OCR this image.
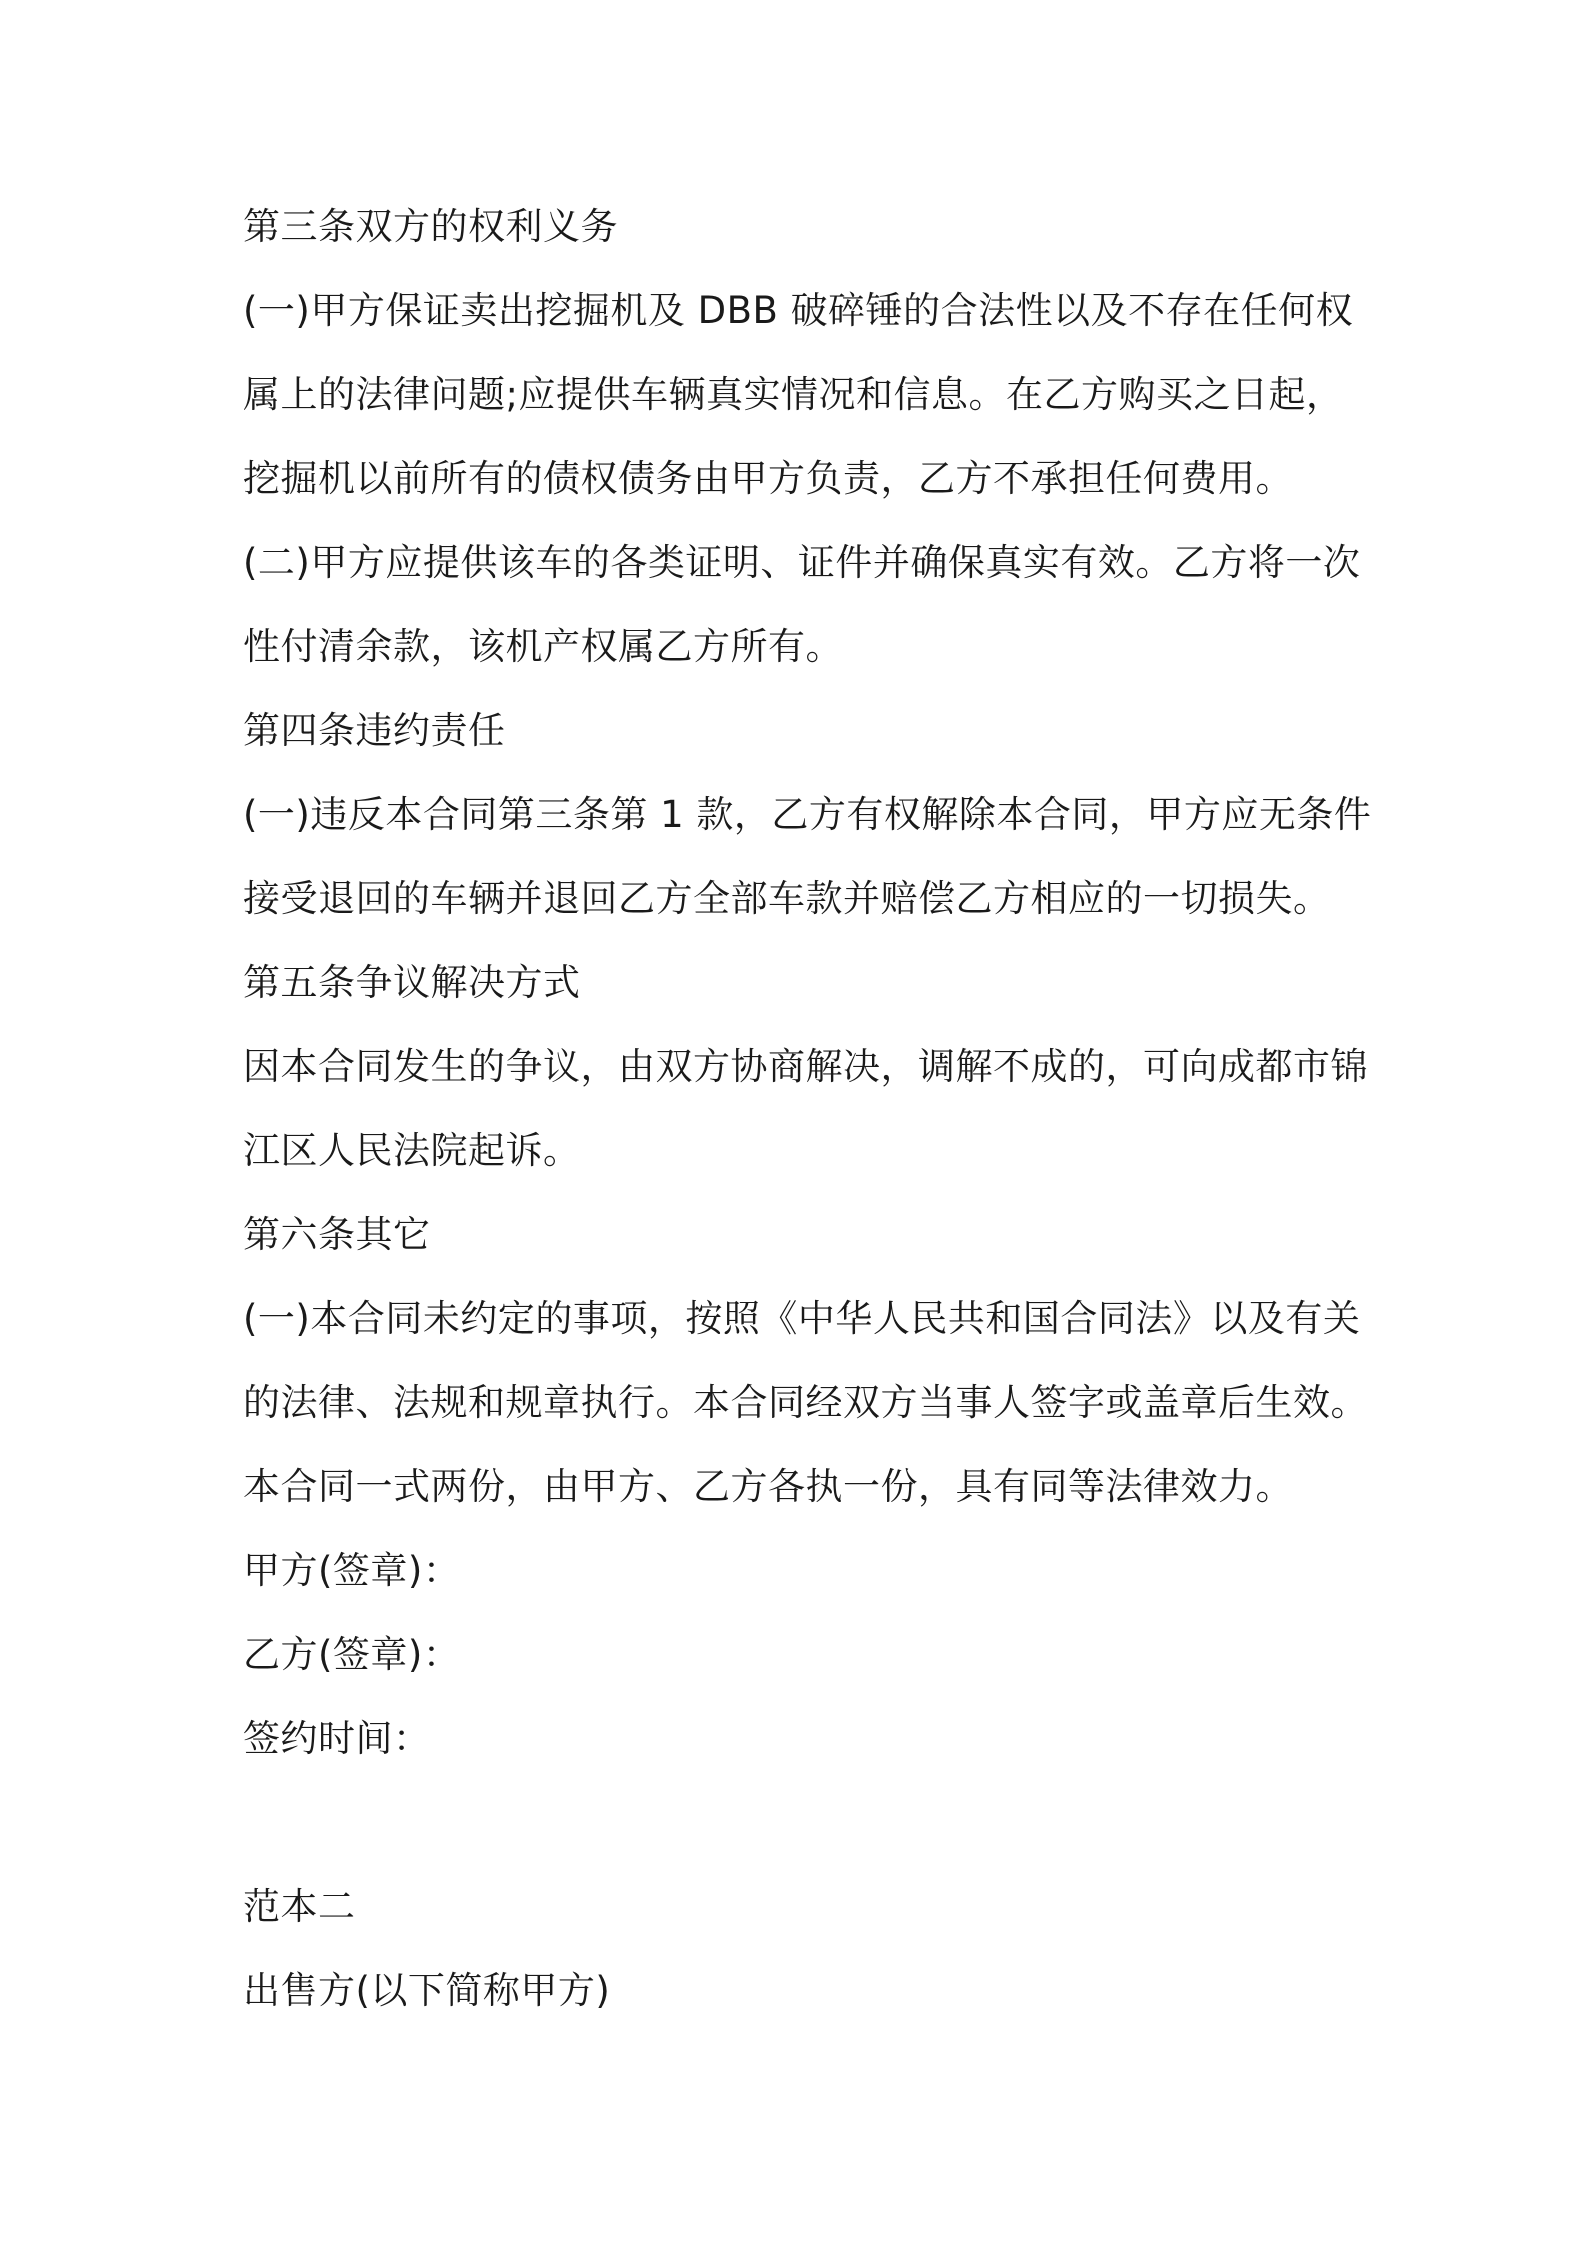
第三条双方的权利义务
(一)甲方保证卖出挖掘机及 DBB 破碎锤的合法性以及不存在任何权
属上的法律问题;应提供车辆真实情况和信息。在乙方购买之日起，
挖掘机以前所有的债权债务由甲方负责，乙方不承担任何费用。
(二)甲方应提供该车的各类证明、证件并确保真实有效。乙方将一次
性付清余款，该机产权属乙方所有。
第四条违约责任
(一)违反本合同第三条第 1 款，乙方有权解除本合同，甲方应无条件
接受退回的车辆并退回乙方全部车款并赔偿乙方相应的一切损失。
第五条争议解决方式
因本合同发生的争议，由双方协商解决，调解不成的，可向成都市锦
江区人民法院起诉。
第六条其它
(一)本合同未约定的事项，按照《中华人民共和国合同法》以及有关
的法律、法规和规章执行。本合同经双方当事人签字或盖章后生效。
本合同一式两份，由甲方、乙方各执一份，具有同等法律效力。
甲方(签章)：
乙方(签章)：
签约时间：
范本二
出售方(以下简称甲方)
